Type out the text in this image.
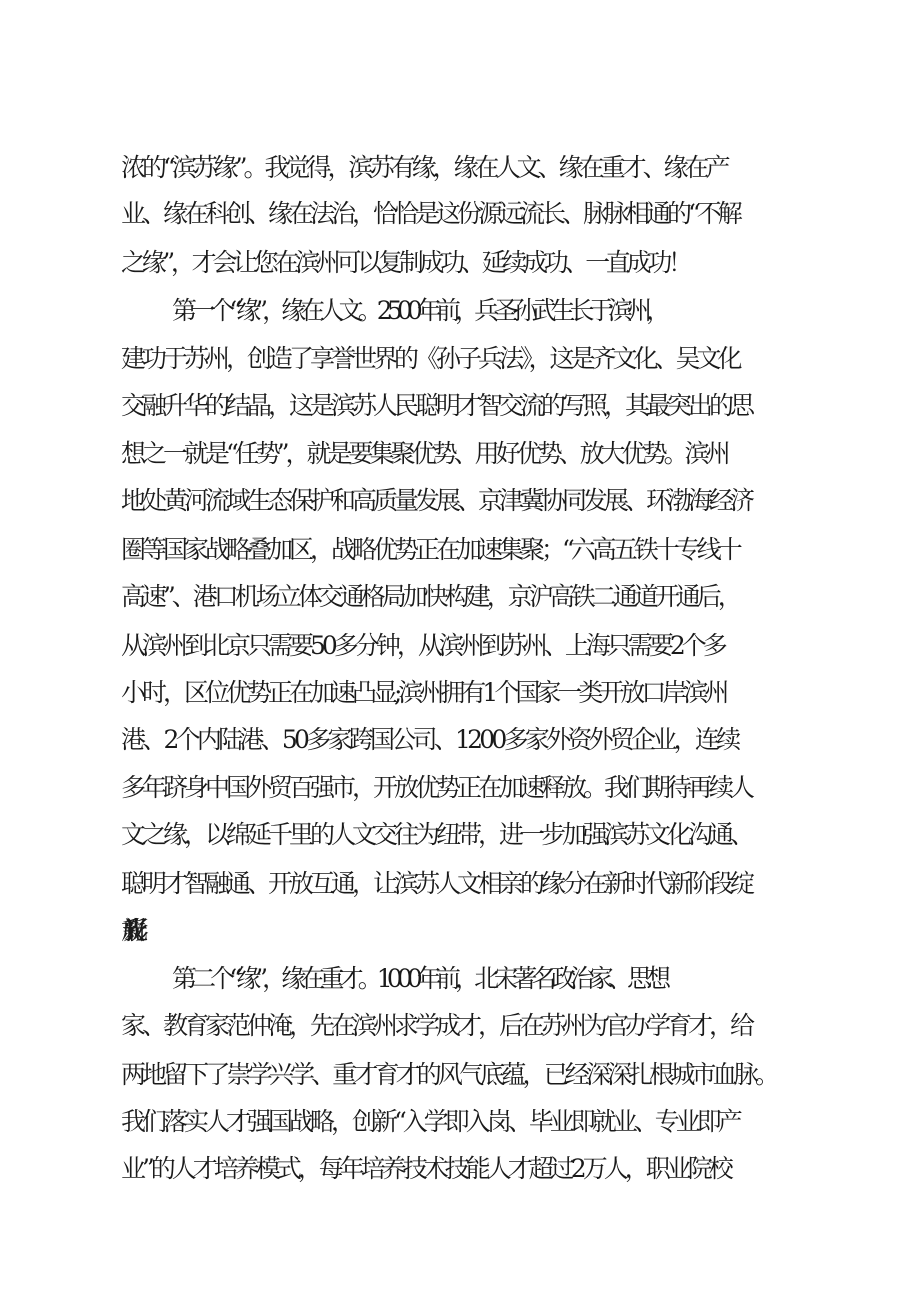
浓的“滨苏缘”。我觉得，滨苏有缘，缘在人文、缘在重才、缘在产
业、缘在科创、缘在法治，恰恰是这份源远流长、脉脉相通的“不解
之缘”，才会让您在滨州可以复制成功、延续成功、一直成功！
第一个“缘”，缘在人文。2500年前，兵圣孙武生长于滨州，
建功于苏州，创造了享誉世界的《孙子兵法》，这是齐文化、吴文化
交融升华的结晶，这是滨苏人民聪明才智交流的写照，其最突出的思
想之一就是“任势”，就是要集聚优势、用好优势、放大优势。滨州
地处黄河流域生态保护和高质量发展、京津冀协同发展、环渤海经济
圈等国家战略叠加区，战略优势正在加速集聚；“六高五铁十专线十
高速”、港口机场立体交通格局加快构建，京沪高铁二通道开通后，
从滨州到北京只需要50多分钟，从滨州到苏州、上海只需要2个多
小时，区位优势正在加速凸显;滨州拥有1个国家一类开放口岸滨州
港、2个内陆港、50多家跨国公司、1200多家外资外贸企业，连续
多年跻身中国外贸百强市，开放优势正在加速释放。我们期待再续人
文之缘，以绵延千里的人文交往为纽带，进一步加强滨苏文化沟通、
聪明才智融通、开放互通，让滨苏人文相亲的缘分在新时代新阶段绽
第二个“缘”，缘在重才。1000年前，北宋著名政治家、思想
家、教育家范仲淹，先在滨州求学成才，后在苏州为官办学育才，给
两地留下了崇学兴学、重才育才的风气底蕴，已经深深扎根城市血脉。
我们落实人才强国战略，创新“入学即入岗、毕业即就业、专业即产
业”的人才培养模式，每年培养技术技能人才超过2万人，职业院校
